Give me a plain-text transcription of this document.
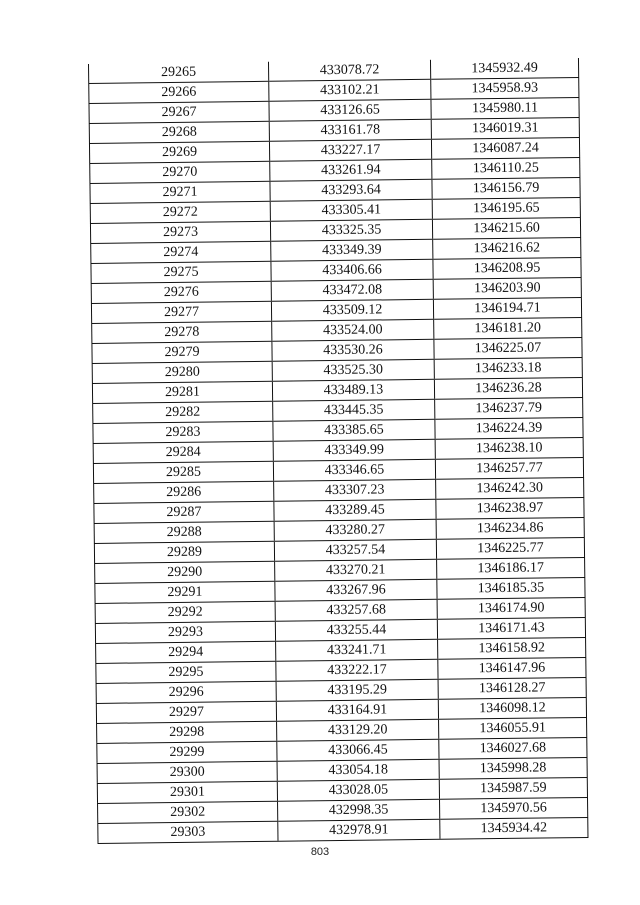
29265	433078.72	1345932.49
29266	433102.21	1345958.93
29267	433126.65	1345980.11
29268	433161.78	1346019.31
29269	433227.17	1346087.24
29270	433261.94	1346110.25
29271	433293.64	1346156.79
29272	433305.41	1346195.65
29273	433325.35	1346215.60
29274	433349.39	1346216.62
29275	433406.66	1346208.95
29276	433472.08	1346203.90
29277	433509.12	1346194.71
29278	433524.00	1346181.20
29279	433530.26	1346225.07
29280	433525.30	1346233.18
29281	433489.13	1346236.28
29282	433445.35	1346237.79
29283	433385.65	1346224.39
29284	433349.99	1346238.10
29285	433346.65	1346257.77
29286	433307.23	1346242.30
29287	433289.45	1346238.97
29288	433280.27	1346234.86
29289	433257.54	1346225.77
29290	433270.21	1346186.17
29291	433267.96	1346185.35
29292	433257.68	1346174.90
29293	433255.44	1346171.43
29294	433241.71	1346158.92
29295	433222.17	1346147.96
29296	433195.29	1346128.27
29297	433164.91	1346098.12
29298	433129.20	1346055.91
29299	433066.45	1346027.68
29300	433054.18	1345998.28
29301	433028.05	1345987.59
29302	432998.35	1345970.56
29303	432978.91	1345934.42
803
